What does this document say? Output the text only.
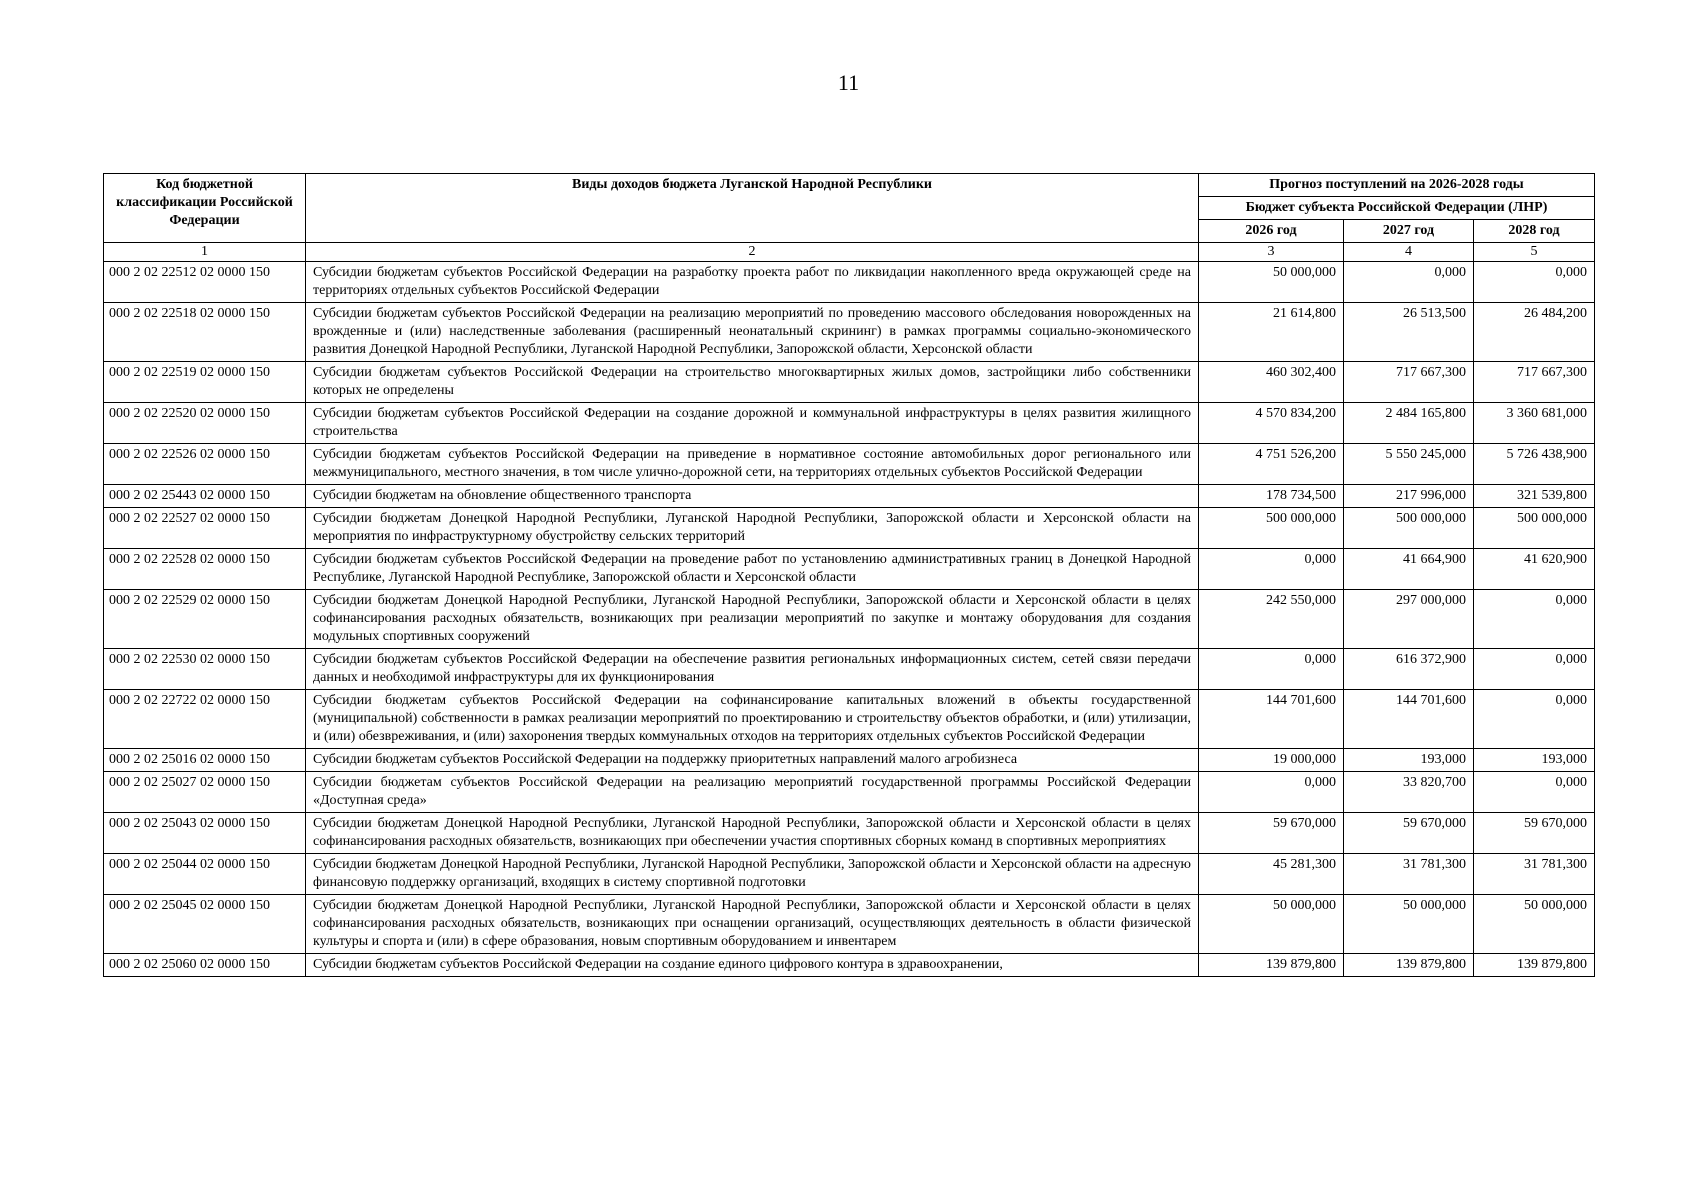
11
Код бюджетной классификации Российской Федерации	Виды доходов бюджета Луганской Народной Республики	Прогноз поступлений на 2026-2028 годы		
		Бюджет субъекта Российской Федерации (ЛНР)		
		2026 год	2027 год	2028 год
1	2	3	4	5
000 2 02 22512 02 0000 150	Субсидии бюджетам субъектов Российской Федерации на разработку проекта работ по ликвидации накопленного вреда окружающей среде на территориях отдельных субъектов Российской Федерации	50 000,000	0,000	0,000
000 2 02 22518 02 0000 150	Субсидии бюджетам субъектов Российской Федерации на реализацию мероприятий по проведению массового обследования новорожденных на врожденные и (или) наследственные заболевания (расширенный неонатальный скрининг) в рамках программы социально-экономического развития Донецкой Народной Республики, Луганской Народной Республики, Запорожской области, Херсонской области	21 614,800	26 513,500	26 484,200
000 2 02 22519 02 0000 150	Субсидии бюджетам субъектов Российской Федерации на строительство многоквартирных жилых домов, застройщики либо собственники которых не определены	460 302,400	717 667,300	717 667,300
000 2 02 22520 02 0000 150	Субсидии бюджетам субъектов Российской Федерации на создание дорожной и коммунальной инфраструктуры в целях развития жилищного строительства	4 570 834,200	2 484 165,800	3 360 681,000
000 2 02 22526 02 0000 150	Субсидии бюджетам субъектов Российской Федерации на приведение в нормативное состояние автомобильных дорог регионального или межмуниципального, местного значения, в том числе улично-дорожной сети, на территориях отдельных субъектов Российской Федерации	4 751 526,200	5 550 245,000	5 726 438,900
000 2 02 25443 02 0000 150	Субсидии бюджетам на обновление общественного транспорта	178 734,500	217 996,000	321 539,800
000 2 02 22527 02 0000 150	Субсидии бюджетам Донецкой Народной Республики, Луганской Народной Республики, Запорожской области и Херсонской области на мероприятия по инфраструктурному обустройству сельских территорий	500 000,000	500 000,000	500 000,000
000 2 02 22528 02 0000 150	Субсидии бюджетам субъектов Российской Федерации на проведение работ по установлению административных границ в Донецкой Народной Республике, Луганской Народной Республике, Запорожской области и Херсонской области	0,000	41 664,900	41 620,900
000 2 02 22529 02 0000 150	Субсидии бюджетам Донецкой Народной Республики, Луганской Народной Республики, Запорожской области и Херсонской области в целях софинансирования расходных обязательств, возникающих при реализации мероприятий по закупке и монтажу оборудования для создания модульных спортивных сооружений	242 550,000	297 000,000	0,000
000 2 02 22530 02 0000 150	Субсидии бюджетам субъектов Российской Федерации на обеспечение развития региональных информационных систем, сетей связи передачи данных и необходимой инфраструктуры для их функционирования	0,000	616 372,900	0,000
000 2 02 22722 02 0000 150	Субсидии бюджетам субъектов Российской Федерации на софинансирование капитальных вложений в объекты государственной (муниципальной) собственности в рамках реализации мероприятий по проектированию и строительству объектов обработки, и (или) утилизации, и (или) обезвреживания, и (или) захоронения твердых коммунальных отходов на территориях отдельных субъектов Российской Федерации	144 701,600	144 701,600	0,000
000 2 02 25016 02 0000 150	Субсидии бюджетам субъектов Российской Федерации на поддержку приоритетных направлений малого агробизнеса	19 000,000	193,000	193,000
000 2 02 25027 02 0000 150	Субсидии бюджетам субъектов Российской Федерации на реализацию мероприятий государственной программы Российской Федерации «Доступная среда»	0,000	33 820,700	0,000
000 2 02 25043 02 0000 150	Субсидии бюджетам Донецкой Народной Республики, Луганской Народной Республики, Запорожской области и Херсонской области в целях софинансирования расходных обязательств, возникающих при обеспечении участия спортивных сборных команд в спортивных мероприятиях	59 670,000	59 670,000	59 670,000
000 2 02 25044 02 0000 150	Субсидии бюджетам Донецкой Народной Республики, Луганской Народной Республики, Запорожской области и Херсонской области на адресную финансовую поддержку организаций, входящих в систему спортивной подготовки	45 281,300	31 781,300	31 781,300
000 2 02 25045 02 0000 150	Субсидии бюджетам Донецкой Народной Республики, Луганской Народной Республики, Запорожской области и Херсонской области в целях софинансирования расходных обязательств, возникающих при оснащении организаций, осуществляющих деятельность в области физической культуры и спорта и (или) в сфере образования, новым спортивным оборудованием и инвентарем	50 000,000	50 000,000	50 000,000
000 2 02 25060 02 0000 150	Субсидии бюджетам субъектов Российской Федерации на создание единого цифрового контура в здравоохранении,	139 879,800	139 879,800	139 879,800
